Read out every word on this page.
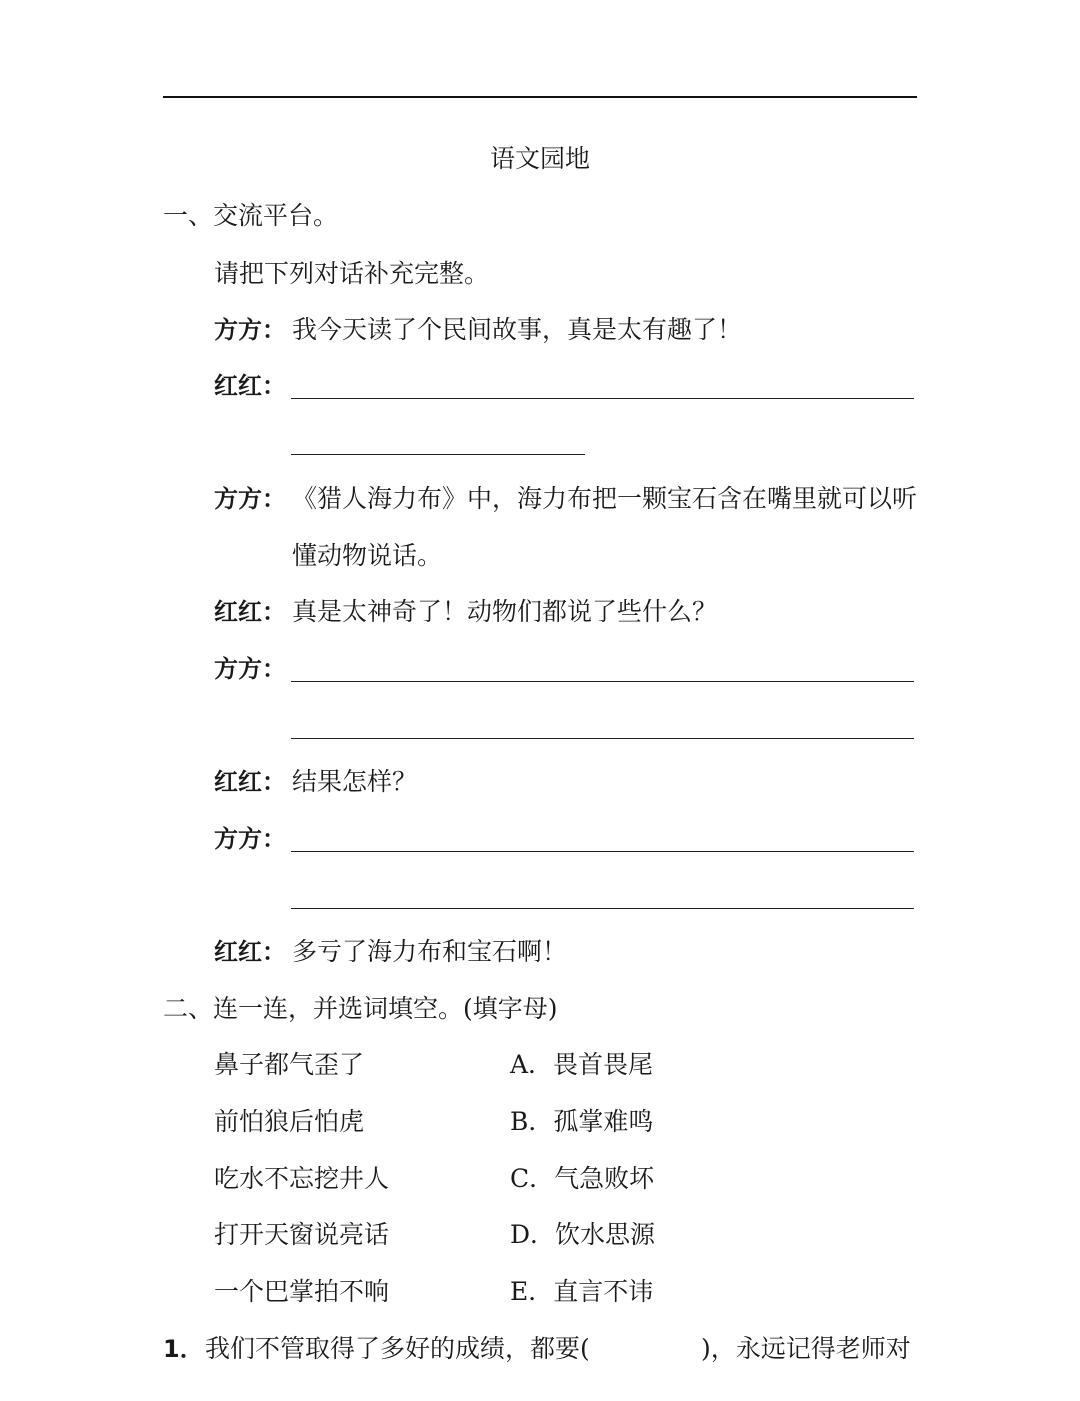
语文园地
一、交流平台。
请把下列对话补充完整。
方方： 我今天读了个民间故事，真是太有趣了！
红红：
方方： 《猎人海力布》中，海力布把一颗宝石含在嘴里就可以听
懂动物说话。
红红： 真是太神奇了！动物们都说了些什么？
方方：
红红： 结果怎样？
方方：
红红： 多亏了海力布和宝石啊！
二、连一连，并选词填空。(填字母)
鼻子都气歪了	A．畏首畏尾
前怕狼后怕虎	B．孤掌难鸣
吃水不忘挖井人	C．气急败坏
打开天窗说亮话	D．饮水思源
一个巴掌拍不响	E．直言不讳
1． 我们不管取得了多好的成绩，都要(	)，永远记得老师对
